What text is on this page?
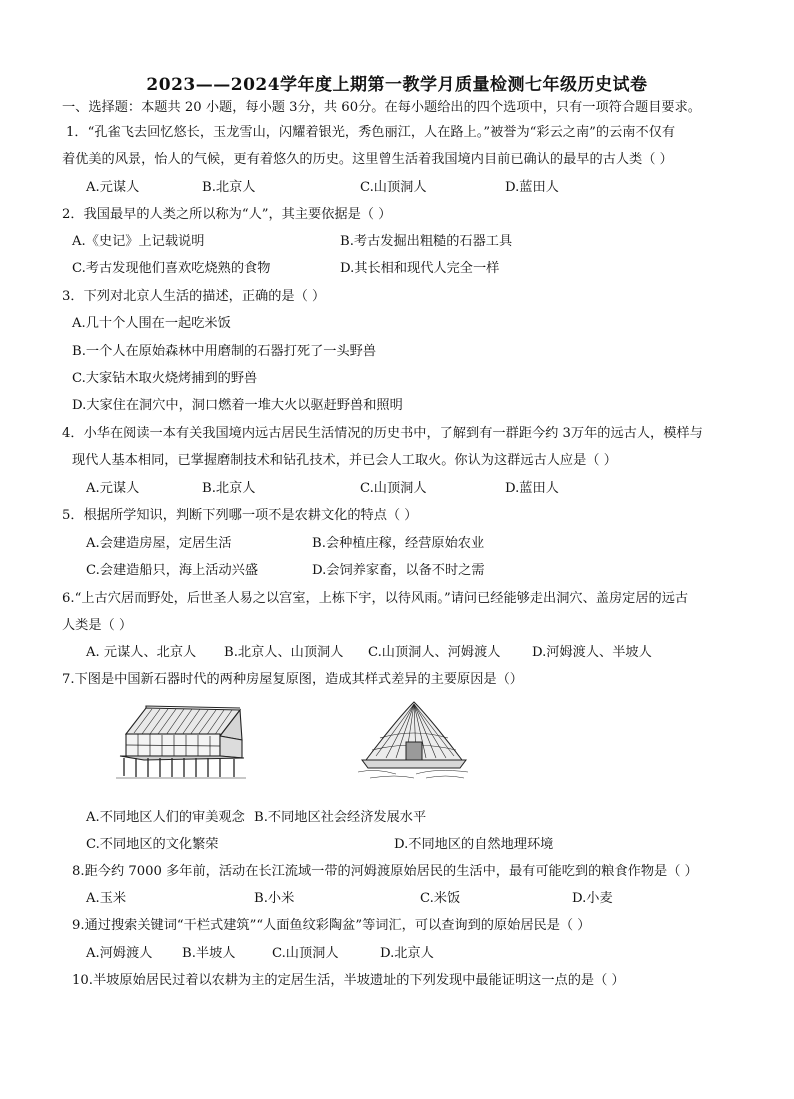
2023——2024学年度上期第一教学月质量检测七年级历史试卷
一、选择题：本题共 20 小题，每小题 3分，共 60分。在每小题给出的四个选项中，只有一项符合题目要求。
1．“孔雀飞去回忆悠长，玉龙雪山，闪耀着银光，秀色丽江，人在路上。”被誉为“彩云之南”的云南不仅有
着优美的风景，怡人的气候，更有着悠久的历史。这里曾生活着我国境内目前已确认的最早的古人类（ ）
A.元谋人	B.北京人	C.山顶洞人	D.蓝田人
2．我国最早的人类之所以称为“人”，其主要依据是（ ）
A.《史记》上记载说明	B.考古发掘出粗糙的石器工具
C.考古发现他们喜欢吃烧熟的食物	D.其长相和现代人完全一样
3．下列对北京人生活的描述，正确的是（ ）
A.几十个人围在一起吃米饭
B.一个人在原始森林中用磨制的石器打死了一头野兽
C.大家钻木取火烧烤捕到的野兽
D.大家住在洞穴中，洞口燃着一堆大火以驱赶野兽和照明
4．小华在阅读一本有关我国境内远古居民生活情况的历史书中，了解到有一群距今约 3万年的远古人，模样与
现代人基本相同，已掌握磨制技术和钻孔技术，并已会人工取火。你认为这群远古人应是（ ）
A.元谋人	B.北京人	C.山顶洞人	D.蓝田人
5．根据所学知识，判断下列哪一项不是农耕文化的特点（ ）
A.会建造房屋，定居生活	B.会种植庄稼，经营原始农业
C.会建造船只，海上活动兴盛	D.会饲养家畜，以备不时之需
6.“上古穴居而野处，后世圣人易之以宫室，上栋下宇，以待风雨。”请问已经能够走出洞穴、盖房定居的远古
人类是（ ）
A. 元谋人、北京人 B.北京人、山顶洞人 C.山顶洞人、河姆渡人 D.河姆渡人、半坡人
7.下图是中国新石器时代的两种房屋复原图，造成其样式差异的主要原因是（）
A.不同地区人们的审美观念 B.不同地区社会经济发展水平
C.不同地区的文化繁荣	D.不同地区的自然地理环境
8.距今约 7000 多年前，活动在长江流域一带的河姆渡原始居民的生活中，最有可能吃到的粮食作物是（ ）
A.玉米	B.小米	C.米饭	D.小麦
9.通过搜索关键词“干栏式建筑”“人面鱼纹彩陶盆”等词汇，可以查询到的原始居民是（ ）
A.河姆渡人 B.半坡人	C.山顶洞人	D.北京人
10.半坡原始居民过着以农耕为主的定居生活，半坡遗址的下列发现中最能证明这一点的是（ ）
